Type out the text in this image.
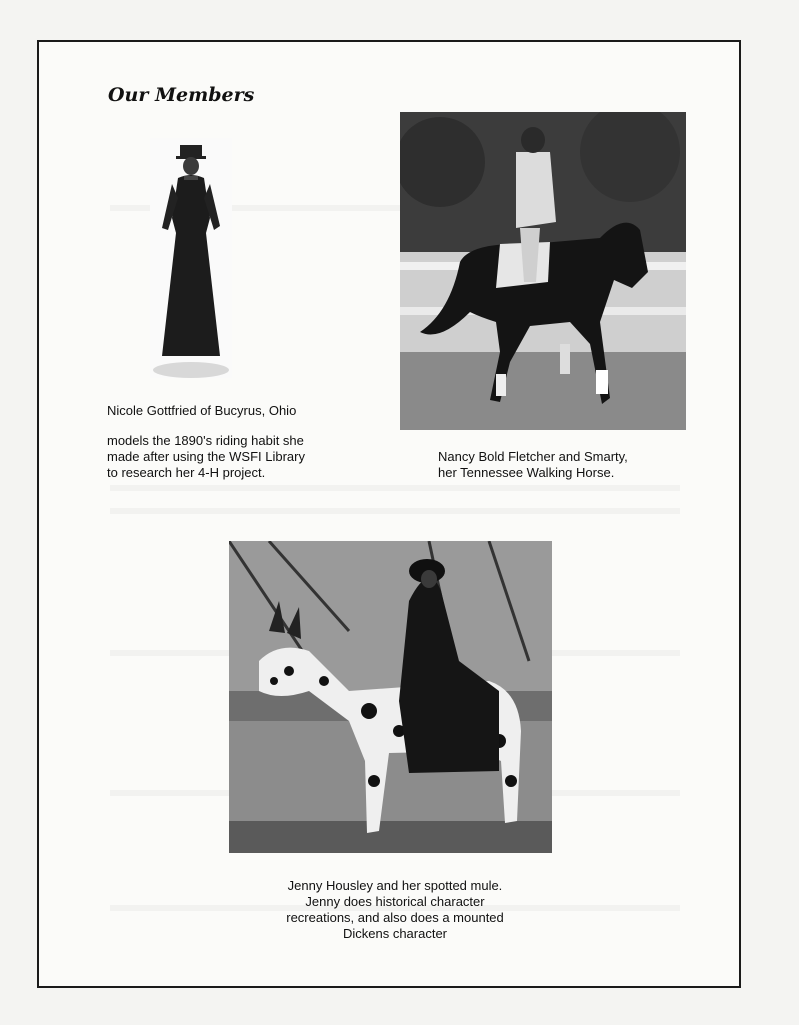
Our Members
Nicole Gottfried of Bucyrus, Ohio
models the 1890's riding habit she
made after using the WSFI Library
to research her 4-H project.
Nancy Bold Fletcher and Smarty,
her Tennessee Walking Horse.
Jenny Housley and her spotted mule.
Jenny does historical character
recreations, and also does a mounted
Dickens character
